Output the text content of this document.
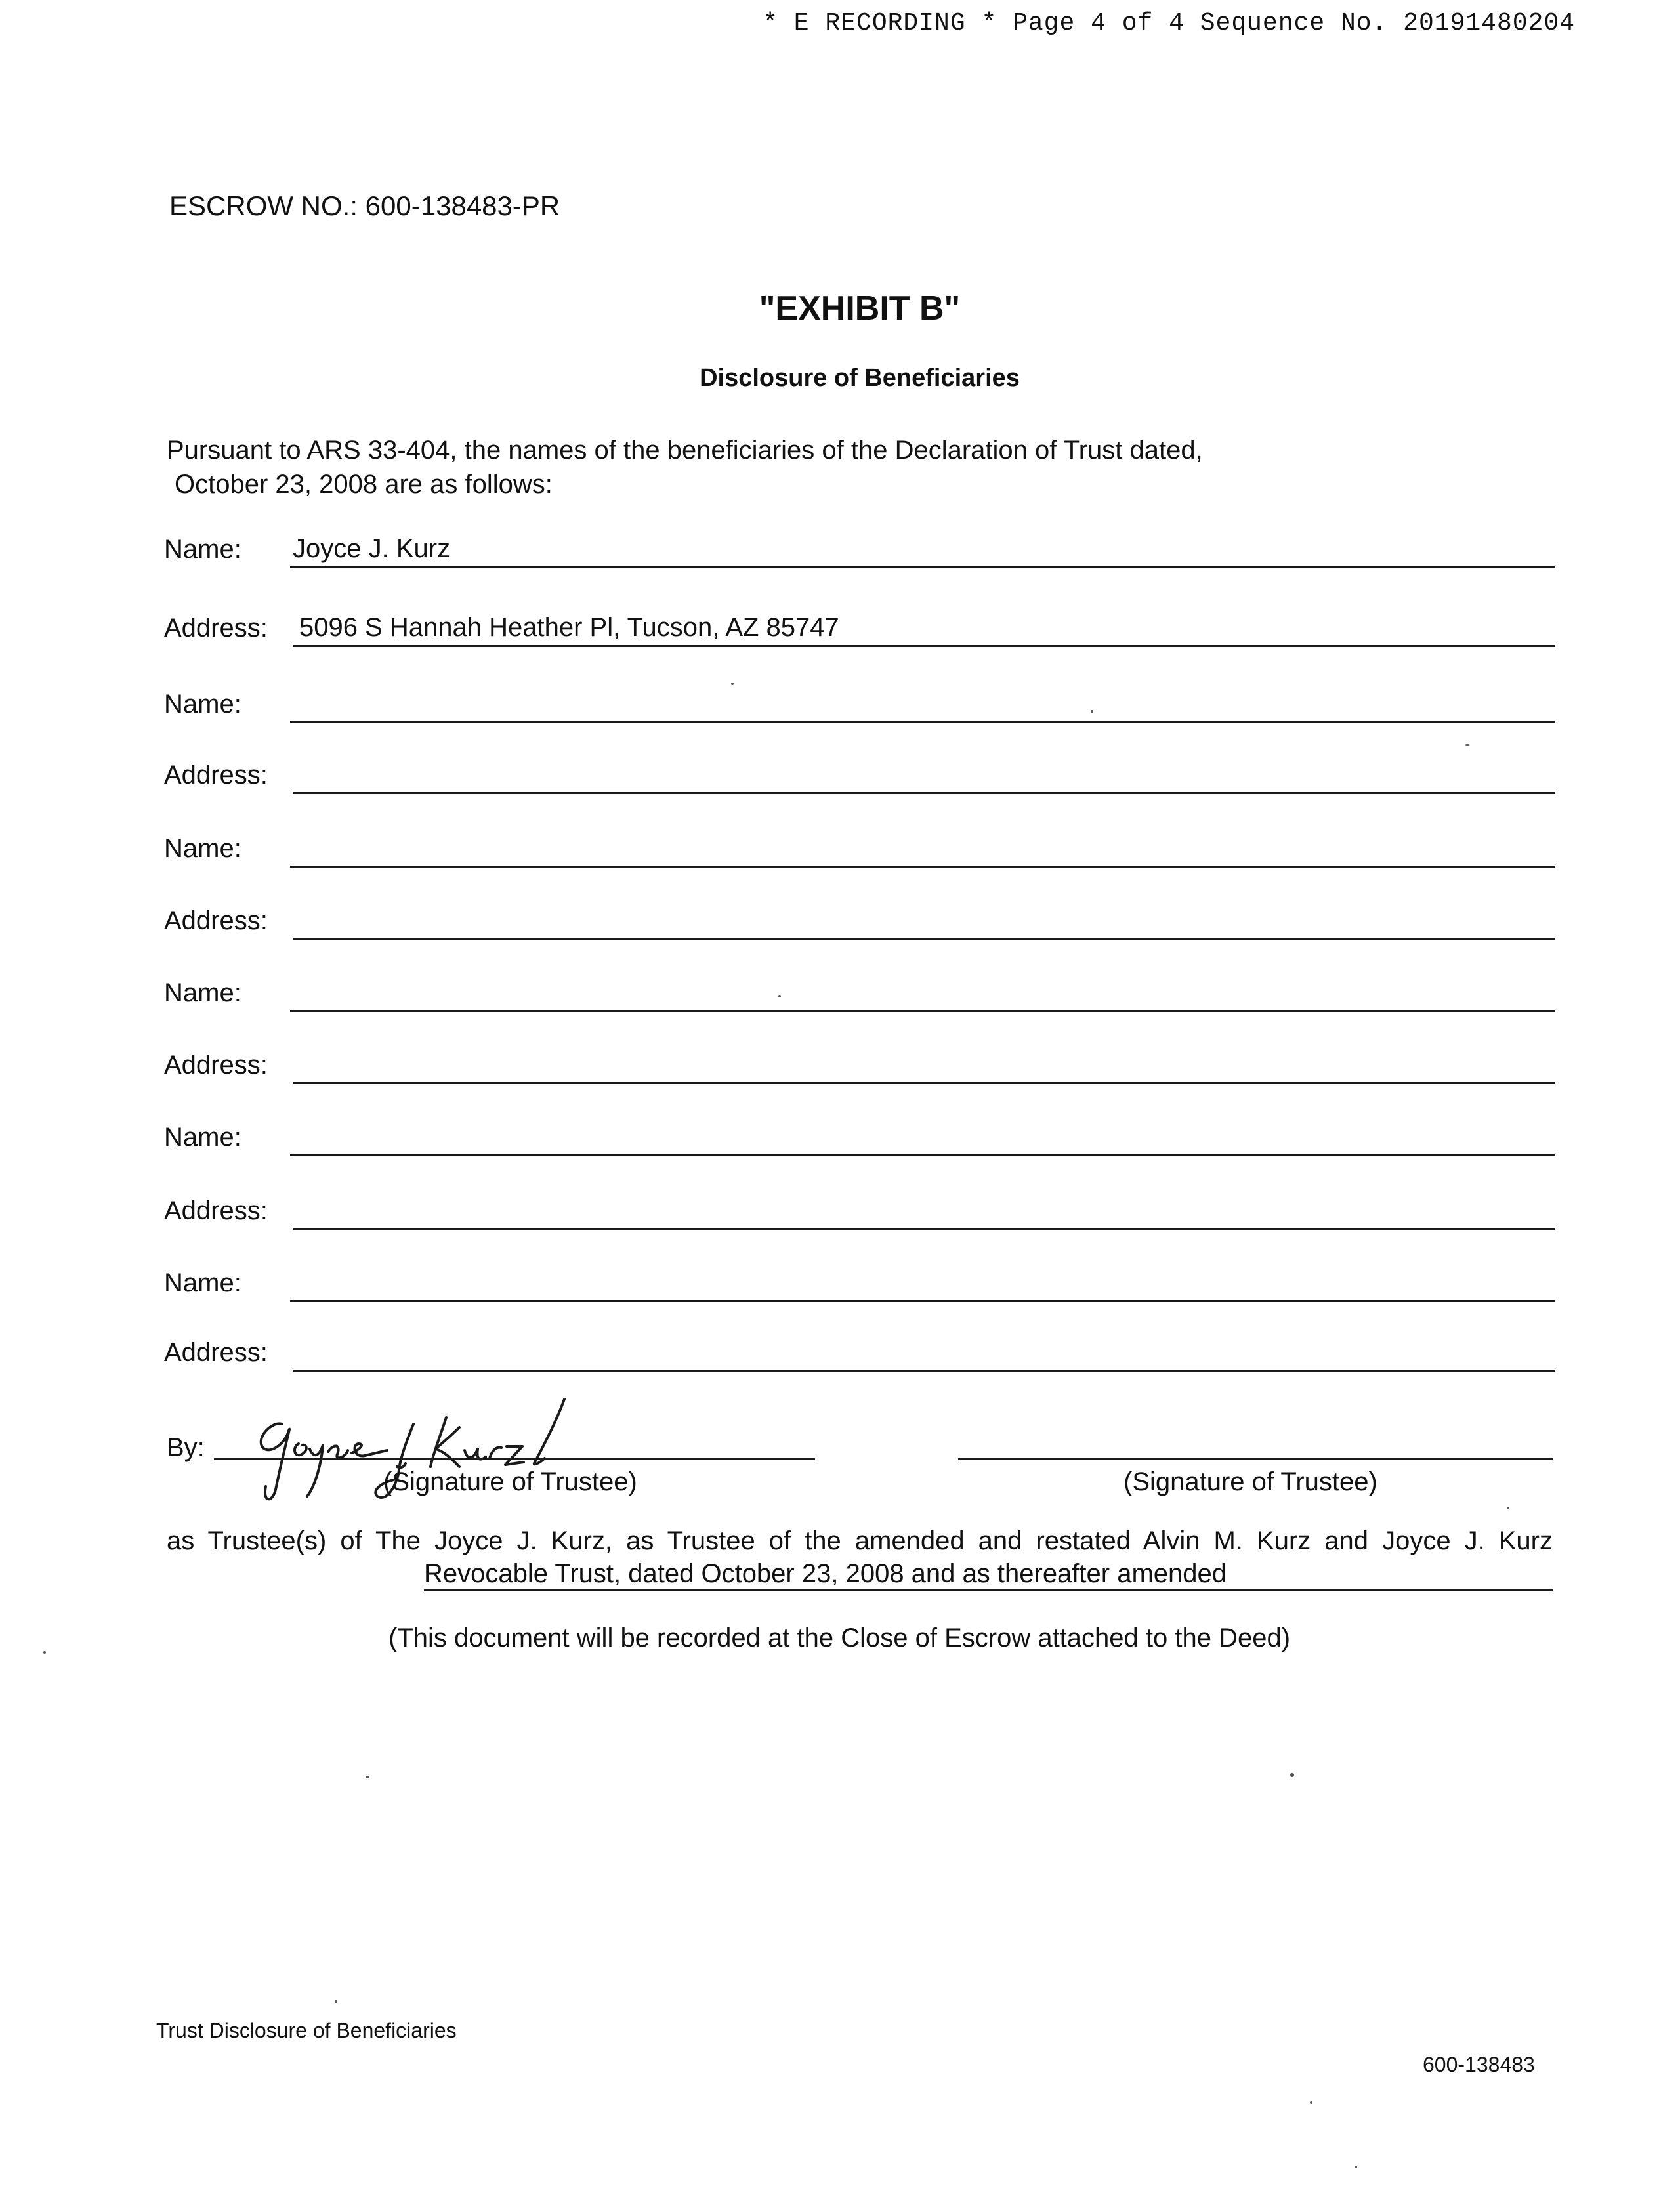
* E RECORDING * Page 4 of 4 Sequence No. 20191480204
ESCROW NO.: 600-138483-PR
"EXHIBIT B"
Disclosure of Beneficiaries
Pursuant to ARS 33-404, the names of the beneficiaries of the Declaration of Trust dated,
October 23, 2008 are as follows:
Name: Joyce J. Kurz
Address: 5096 S Hannah Heather Pl, Tucson, AZ 85747
Name:
Address:
Name:
Address:
Name:
Address:
Name:
Address:
Name:
Address:
By:
(Signature of Trustee)	(Signature of Trustee)
as Trustee(s) of The Joyce J. Kurz, as Trustee of the amended and restated Alvin M. Kurz and Joyce J. Kurz
Revocable Trust, dated October 23, 2008 and as thereafter amended
(This document will be recorded at the Close of Escrow attached to the Deed)
Trust Disclosure of Beneficiaries
600-138483
